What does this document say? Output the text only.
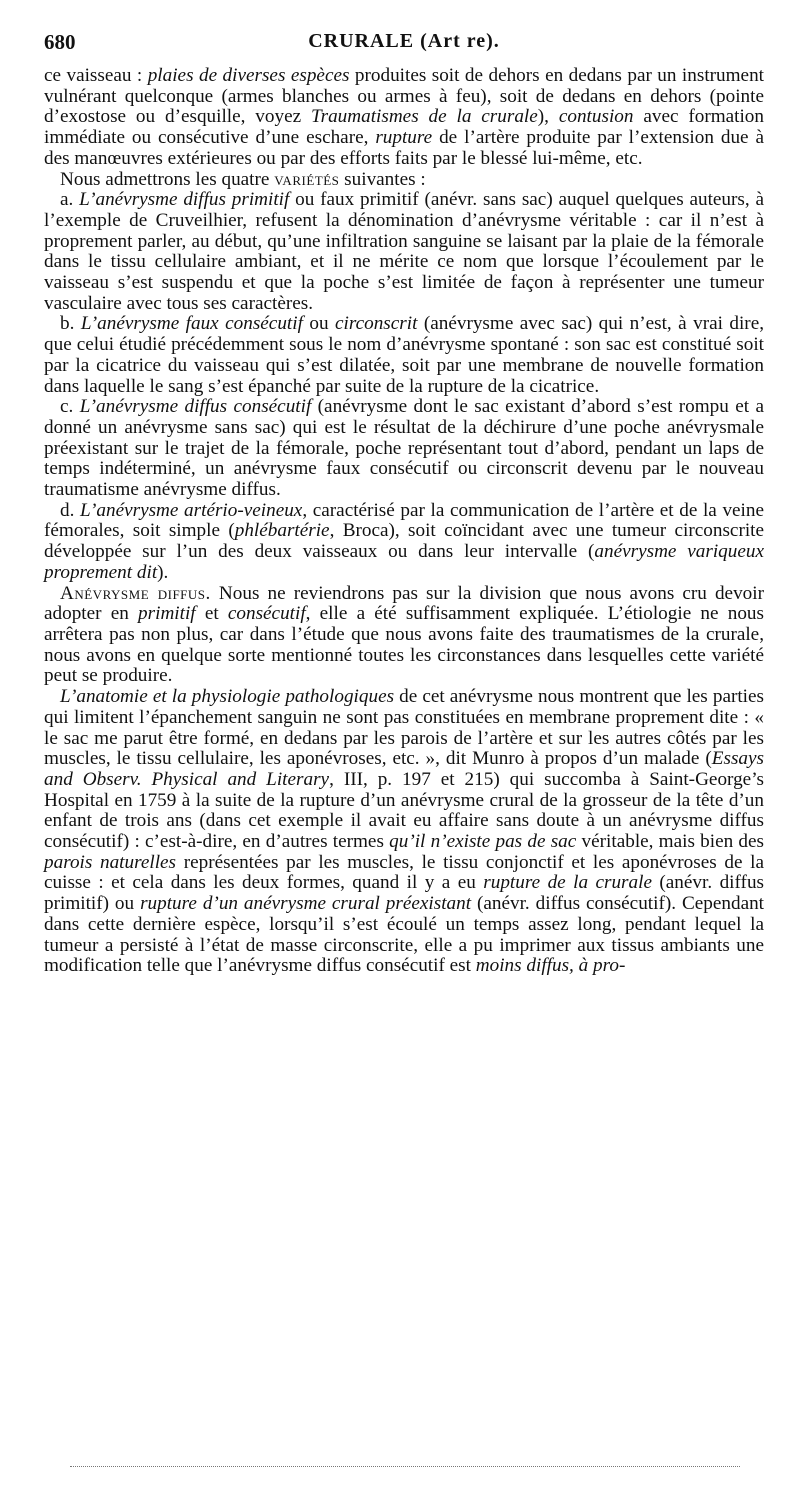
680	CRURALE (Art re).

ce vaisseau : plaies de diverses espèces produites soit de dehors en dedans par un instrument vulnérant quelconque (armes blanches ou armes à feu), soit de dedans en dehors (pointe d’exostose ou d’esquille, voyez Traumatismes de la crurale), contusion avec formation immédiate ou consécutive d’une eschare, rupture de l’artère produite par l’extension due à des manœuvres extérieures ou par des efforts faits par le blessé lui-même, etc.

Nous admettrons les quatre variétés suivantes :

a. L’anévrysme diffus primitif ou faux primitif (anévr. sans sac) auquel quelques auteurs, à l’exemple de Cruveilhier, refusent la dénomination d’anévrysme véritable : car il n’est à proprement parler, au début, qu’une infiltration sanguine se laisant par la plaie de la fémorale dans le tissu cellulaire ambiant, et il ne mérite ce nom que lorsque l’écoulement par le vaisseau s’est suspendu et que la poche s’est limitée de façon à représenter une tumeur vasculaire avec tous ses caractères.

b. L’anévrysme faux consécutif ou circonscrit (anévrysme avec sac) qui n’est, à vrai dire, que celui étudié précédemment sous le nom d’anévrysme spontané : son sac est constitué soit par la cicatrice du vaisseau qui s’est dilatée, soit par une membrane de nouvelle formation dans laquelle le sang s’est épanché par suite de la rupture de la cicatrice.

c. L’anévrysme diffus consécutif (anévrysme dont le sac existant d’abord s’est rompu et a donné un anévrysme sans sac) qui est le résultat de la déchirure d’une poche anévrysmale préexistant sur le trajet de la fémorale, poche représentant tout d’abord, pendant un laps de temps indéterminé, un anévrysme faux consécutif ou circonscrit devenu par le nouveau traumatisme anévrysme diffus.

d. L’anévrysme artério-veineux, caractérisé par la communication de l’artère et de la veine fémorales, soit simple (phlébartérie, Broca), soit coïncidant avec une tumeur circonscrite développée sur l’un des deux vaisseaux ou dans leur intervalle (anévrysme variqueux proprement dit).

Anévrysme diffus. Nous ne reviendrons pas sur la division que nous avons cru devoir adopter en primitif et consécutif, elle a été suffisamment expliquée. L’étiologie ne nous arrêtera pas non plus, car dans l’étude que nous avons faite des traumatismes de la crurale, nous avons en quelque sorte mentionné toutes les circonstances dans lesquelles cette variété peut se produire.

L’anatomie et la physiologie pathologiques de cet anévrysme nous montrent que les parties qui limitent l’épanchement sanguin ne sont pas constituées en membrane proprement dite : « le sac me parut être formé, en dedans par les parois de l’artère et sur les autres côtés par les muscles, le tissu cellulaire, les aponévroses, etc. », dit Munro à propos d’un malade (Essays and Observ. Physical and Literary, III, p. 197 et 215) qui succomba à Saint-George’s Hospital en 1759 à la suite de la rupture d’un anévrysme crural de la grosseur de la tête d’un enfant de trois ans (dans cet exemple il avait eu affaire sans doute à un anévrysme diffus consécutif) : c’est-à-dire, en d’autres termes qu’il n’existe pas de sac véritable, mais bien des parois naturelles représentées par les muscles, le tissu conjonctif et les aponévroses de la cuisse : et cela dans les deux formes, quand il y a eu rupture de la crurale (anévr. diffus primitif) ou rupture d’un anévrysme crural préexistant (anévr. diffus consécutif). Cependant dans cette dernière espèce, lorsqu’il s’est écoulé un temps assez long, pendant lequel la tumeur a persisté à l’état de masse circonscrite, elle a pu imprimer aux tissus ambiants une modification telle que l’anévrysme diffus consécutif est moins diffus, à pro-
